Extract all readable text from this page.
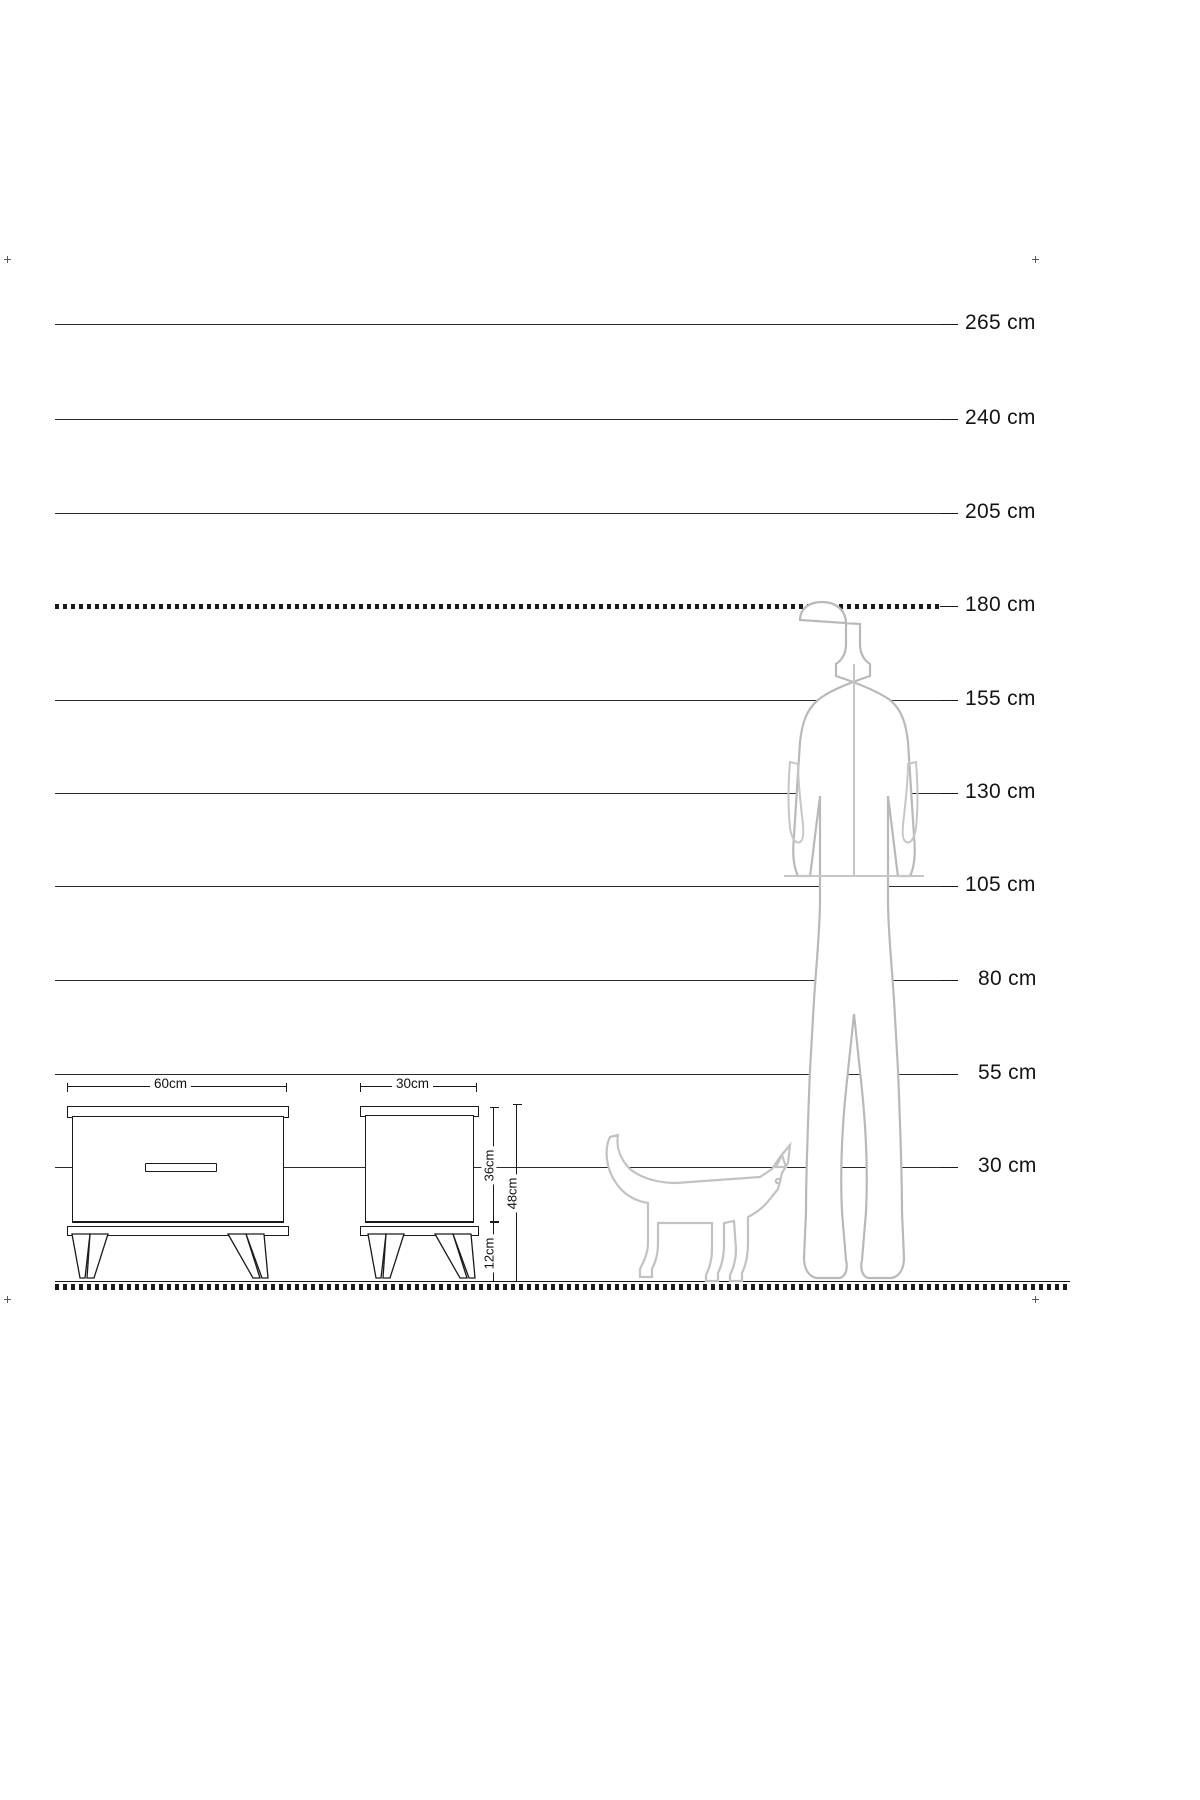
265 cm
240 cm
205 cm
180 cm
155 cm
130 cm
105 cm
80 cm
55 cm
30 cm
60cm	30cm
36cm
12cm
48cm
